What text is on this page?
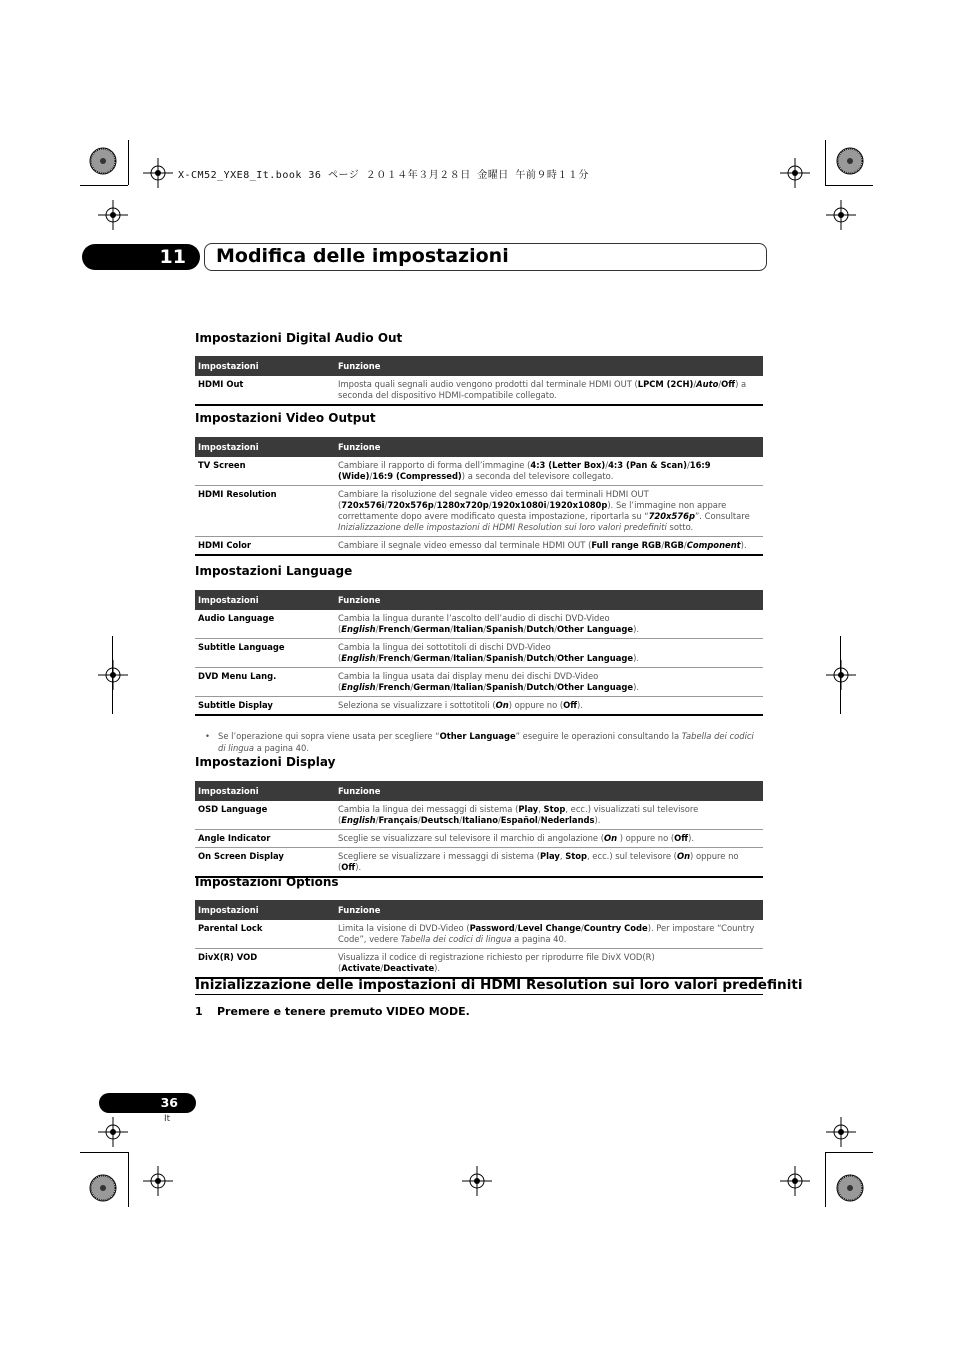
X-CM52_YXE8_It.book 36 ページ ２０１４年３月２８日 金曜日 午前９時１１分
11	Modifica delle impostazioni
Impostazioni Digital Audio Out
Impostazioni	Funzione
HDMI Out	Imposta quali segnali audio vengono prodotti dal terminale HDMI OUT (LPCM (2CH)/Auto/Off) a seconda del dispositivo HDMI-compatibile collegato.
Impostazioni Video Output
Impostazioni	Funzione
TV Screen	Cambiare il rapporto di forma dell’immagine (4:3 (Letter Box)/4:3 (Pan & Scan)/16:9 (Wide)/16:9 (Compressed)) a seconda del televisore collegato.
HDMI Resolution	Cambiare la risoluzione del segnale video emesso dai terminali HDMI OUT (720x576i/720x576p/1280x720p/1920x1080i/1920x1080p). Se l’immagine non appare correttamente dopo avere modificato questa impostazione, riportarla su “720x576p”. Consultare Inizializzazione delle impostazioni di HDMI Resolution sui loro valori predefiniti sotto.
HDMI Color	Cambiare il segnale video emesso dal terminale HDMI OUT (Full range RGB/RGB/Component).
Impostazioni Language
Impostazioni	Funzione
Audio Language	Cambia la lingua durante l’ascolto dell’audio di dischi DVD-Video (English/French/German/Italian/Spanish/Dutch/Other Language).
Subtitle Language	Cambia la lingua dei sottotitoli di dischi DVD-Video (English/French/German/Italian/Spanish/Dutch/Other Language).
DVD Menu Lang.	Cambia la lingua usata dai display menu dei dischi DVD-Video (English/French/German/Italian/Spanish/Dutch/Other Language).
Subtitle Display	Seleziona se visualizzare i sottotitoli (On) oppure no (Off).
• Se l’operazione qui sopra viene usata per scegliere “Other Language” eseguire le operazioni consultando la Tabella dei codici di lingua a pagina 40.
Impostazioni Display
Impostazioni	Funzione
OSD Language	Cambia la lingua dei messaggi di sistema (Play, Stop, ecc.) visualizzati sul televisore (English/Français/Deutsch/Italiano/Español/Nederlands).
Angle Indicator	Sceglie se visualizzare sul televisore il marchio di angolazione (On ) oppure no (Off).
On Screen Display	Scegliere se visualizzare i messaggi di sistema (Play, Stop, ecc.) sul televisore (On) oppure no (Off).
Impostazioni Options
Impostazioni	Funzione
Parental Lock	Limita la visione di DVD-Video (Password/Level Change/Country Code). Per impostare “Country Code”, vedere Tabella dei codici di lingua a pagina 40.
DivX(R) VOD	Visualizza il codice di registrazione richiesto per riprodurre file DivX VOD(R) (Activate/Deactivate).
Inizializzazione delle impostazioni di HDMI Resolution sui loro valori predefiniti
1 Premere e tenere premuto VIDEO MODE.
36
It
